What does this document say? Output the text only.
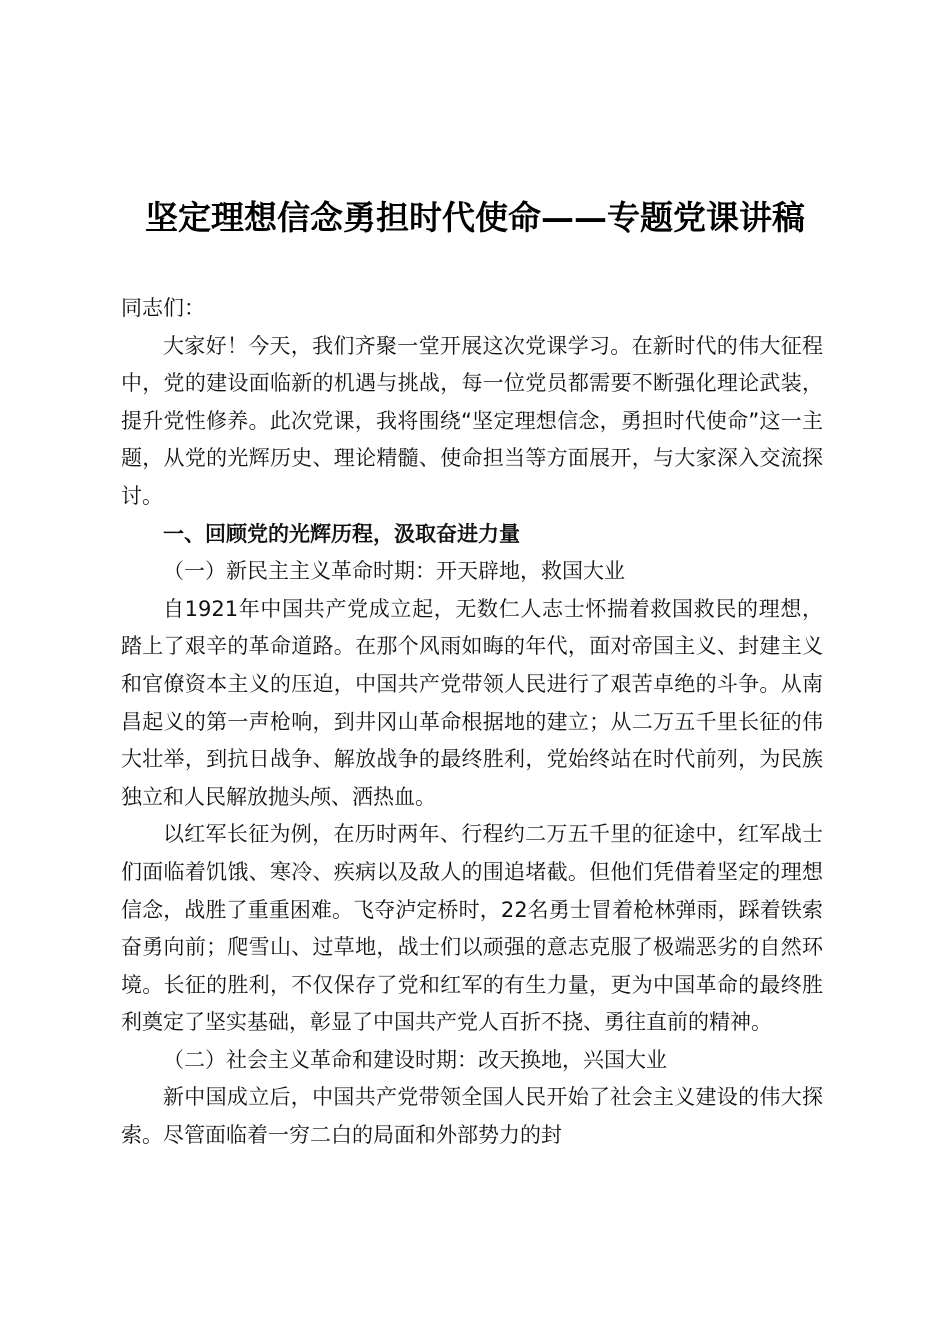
坚定理想信念勇担时代使命——专题党课讲稿

同志们：

大家好！今天，我们齐聚一堂开展这次党课学习。在新时代的伟大征程中，党的建设面临新的机遇与挑战，每一位党员都需要不断强化理论武装，提升党性修养。此次党课，我将围绕“坚定理想信念，勇担时代使命”这一主题，从党的光辉历史、理论精髓、使命担当等方面展开，与大家深入交流探讨。

一、回顾党的光辉历程，汲取奋进力量

（一）新民主主义革命时期：开天辟地，救国大业

自1921年中国共产党成立起，无数仁人志士怀揣着救国救民的理想，踏上了艰辛的革命道路。在那个风雨如晦的年代，面对帝国主义、封建主义和官僚资本主义的压迫，中国共产党带领人民进行了艰苦卓绝的斗争。从南昌起义的第一声枪响，到井冈山革命根据地的建立；从二万五千里长征的伟大壮举，到抗日战争、解放战争的最终胜利，党始终站在时代前列，为民族独立和人民解放抛头颅、洒热血。

以红军长征为例，在历时两年、行程约二万五千里的征途中，红军战士们面临着饥饿、寒冷、疾病以及敌人的围追堵截。但他们凭借着坚定的理想信念，战胜了重重困难。飞夺泸定桥时，22名勇士冒着枪林弹雨，踩着铁索奋勇向前；爬雪山、过草地，战士们以顽强的意志克服了极端恶劣的自然环境。长征的胜利，不仅保存了党和红军的有生力量，更为中国革命的最终胜利奠定了坚实基础，彰显了中国共产党人百折不挠、勇往直前的精神。

（二）社会主义革命和建设时期：改天换地，兴国大业

新中国成立后，中国共产党带领全国人民开始了社会主义建设的伟大探索。尽管面临着一穷二白的局面和外部势力的封
